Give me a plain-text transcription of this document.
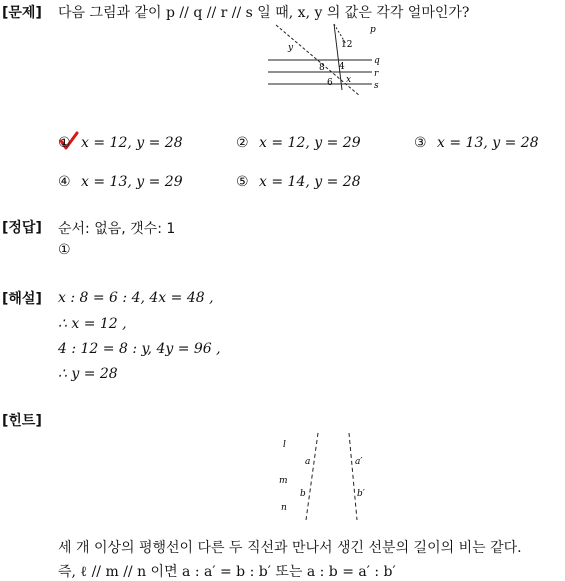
[문제] 다음 그림과 같이 p // q // r // s 일 때, x, y 의 값은 각각 얼마인가?
p
q
r
s
y	12
8 4
x
6
① x = 12, y = 28	② x = 12, y = 29	③ x = 13, y = 28
④ x = 13, y = 29	⑤ x = 14, y = 28
[정답] 순서: 없음, 갯수: 1
①
[해설] x : 8 = 6 : 4, 4x = 48 ,
∴ x = 12 ,
4 : 12 = 8 : y, 4y = 96 ,
∴ y = 28
[힌트]
l
m
n
a
b
a′
b′
세 개 이상의 평행선이 다른 두 직선과 만나서 생긴 선분의 길이의 비는 같다.
즉, ℓ // m // n 이면 a : a′ = b : b′ 또는 a : b = a′ : b′
